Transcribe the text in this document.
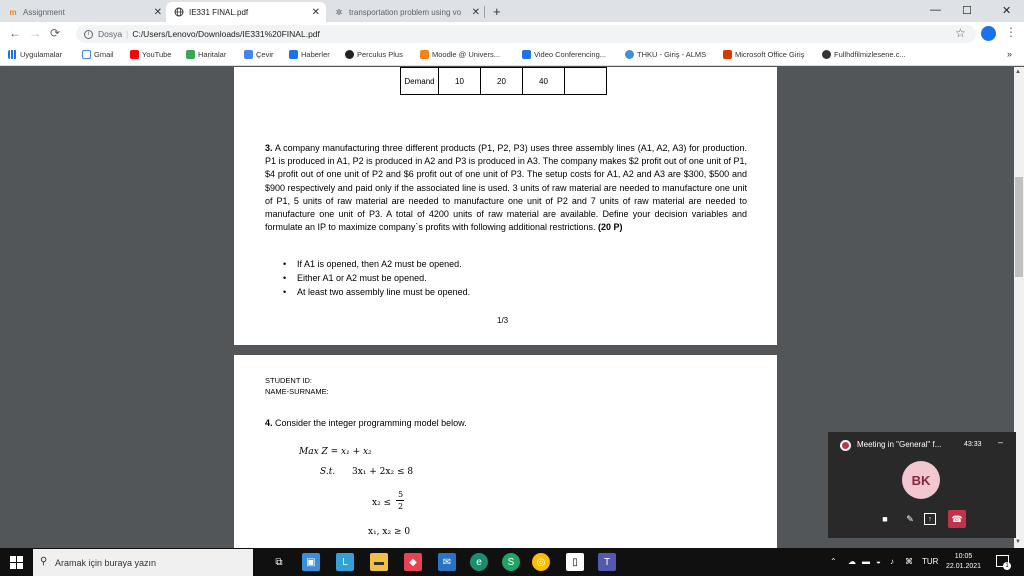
m Assignment	✕	IE331 FINAL.pdf	✕ ✲ transportation problem using vo ✕ +	— ☐	✕
← → ⟳	i	Dosya | C:/Users/Lenovo/Downloads/IE331%20FINAL.pdf	☆	⋮
Uygulamalar	Gmail	YouTube	Haritalar	Çevir	Haberler	Perculus Plus	Moodle @ Univers...	Video Conferencing...	THKU - Giriş - ALMS	Microsoft Office Giriş	Fullhdfilmizlesene.c...	»
Demand	10	20	40	
3. A company manufacturing three different products (P1, P2, P3) uses three assembly lines (A1, A2, A3) for production. P1 is produced in A1, P2 is produced in A2 and P3 is produced in A3. The company makes $2 profit out of one unit of P1, $4 profit out of one unit of P2 and $6 profit out of one unit of P3. The setup costs for A1, A2 and A3 are $300, $500 and $900 respectively and paid only if the associated line is used. 3 units of raw material are needed to manufacture one unit of P1, 5 units of raw material are needed to manufacture one unit of P2 and 7 units of raw material are needed to manufacture one unit of P3. A total of 4200 units of raw material are available. Define your decision variables and formulate an IP to maximize company`s profits with following additional restrictions. (20 P)
• If A1 is opened, then A2 must be opened.
• Either A1 or A2 must be opened.
• At least two assembly line must be opened.
1/3
STUDENT ID:
NAME-SURNAME:
4. Consider the integer programming model below.
Max Z = x₁ + x₂
S.t. 3x₁ + 2x₂ ≤ 8
x₂ ≤
5
2
x₁, x₂ ≥ 0
▲
▼
Meeting in "General" f...	43:33 –
BK
■	✎	↑	☎
⚲ Aramak için buraya yazın	⧉	▣	L	▬	◆	✉	e	S	◎	▯	T	⌃ ☁ ▬ ◒ ♪ ⌘ TUR
10:05
22.01.2021	1
